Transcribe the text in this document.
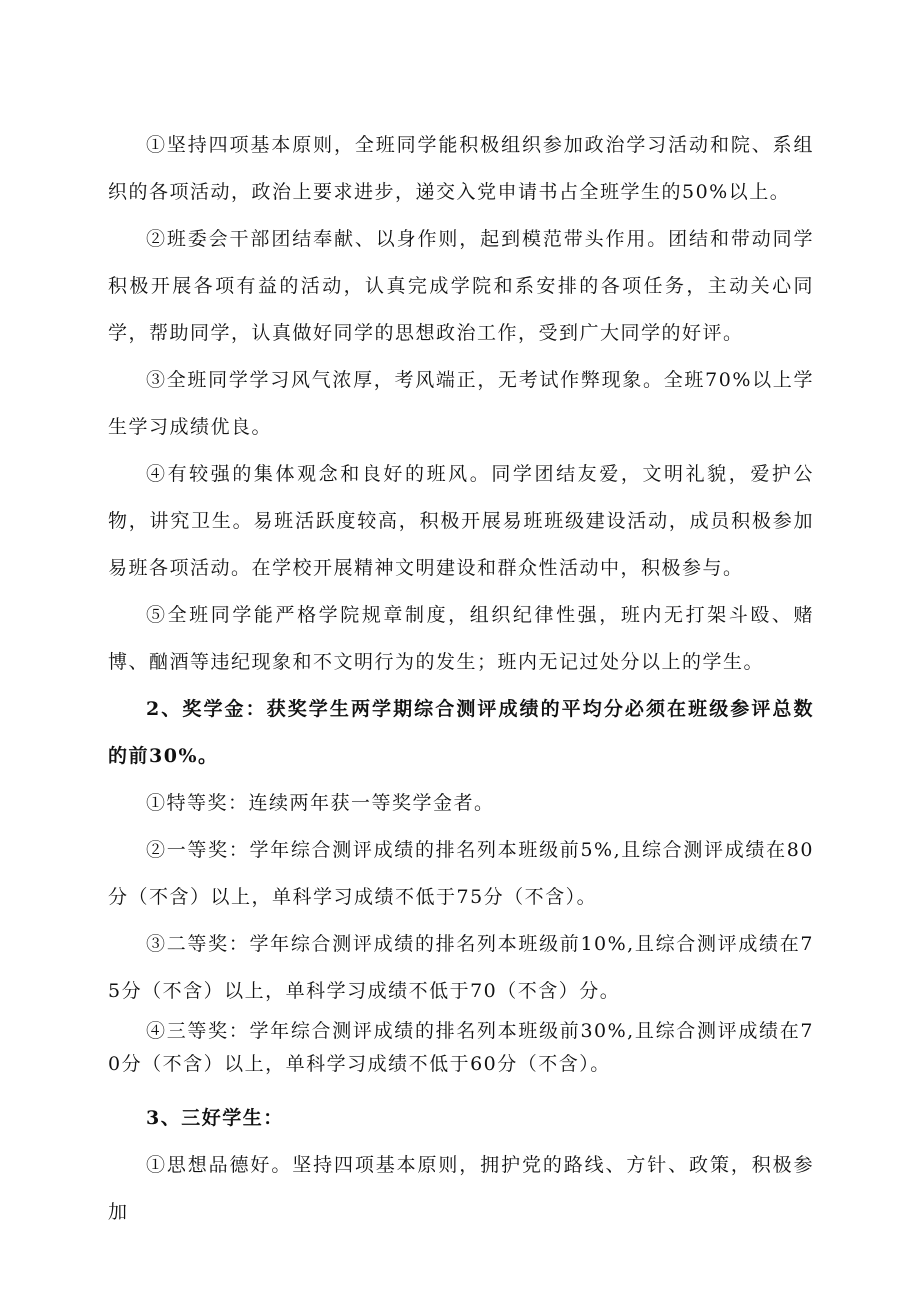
①坚持四项基本原则，全班同学能积极组织参加政治学习活动和院、系组织的各项活动，政治上要求进步，递交入党申请书占全班学生的50%以上。

②班委会干部团结奉献、以身作则，起到模范带头作用。团结和带动同学积极开展各项有益的活动，认真完成学院和系安排的各项任务，主动关心同学，帮助同学，认真做好同学的思想政治工作，受到广大同学的好评。

③全班同学学习风气浓厚，考风端正，无考试作弊现象。全班70%以上学生学习成绩优良。

④有较强的集体观念和良好的班风。同学团结友爱，文明礼貌，爱护公物，讲究卫生。易班活跃度较高，积极开展易班班级建设活动，成员积极参加易班各项活动。在学校开展精神文明建设和群众性活动中，积极参与。

⑤全班同学能严格学院规章制度，组织纪律性强，班内无打架斗殴、赌博、酗酒等违纪现象和不文明行为的发生；班内无记过处分以上的学生。

2、奖学金：获奖学生两学期综合测评成绩的平均分必须在班级参评总数的前30%。

①特等奖：连续两年获一等奖学金者。

②一等奖：学年综合测评成绩的排名列本班级前5%,且综合测评成绩在80分（不含）以上，单科学习成绩不低于75分（不含）。

③二等奖：学年综合测评成绩的排名列本班级前10%,且综合测评成绩在75分（不含）以上，单科学习成绩不低于70（不含）分。

④三等奖：学年综合测评成绩的排名列本班级前30%,且综合测评成绩在70分（不含）以上，单科学习成绩不低于60分（不含）。

3、三好学生：

①思想品德好。坚持四项基本原则，拥护党的路线、方针、政策，积极参加
